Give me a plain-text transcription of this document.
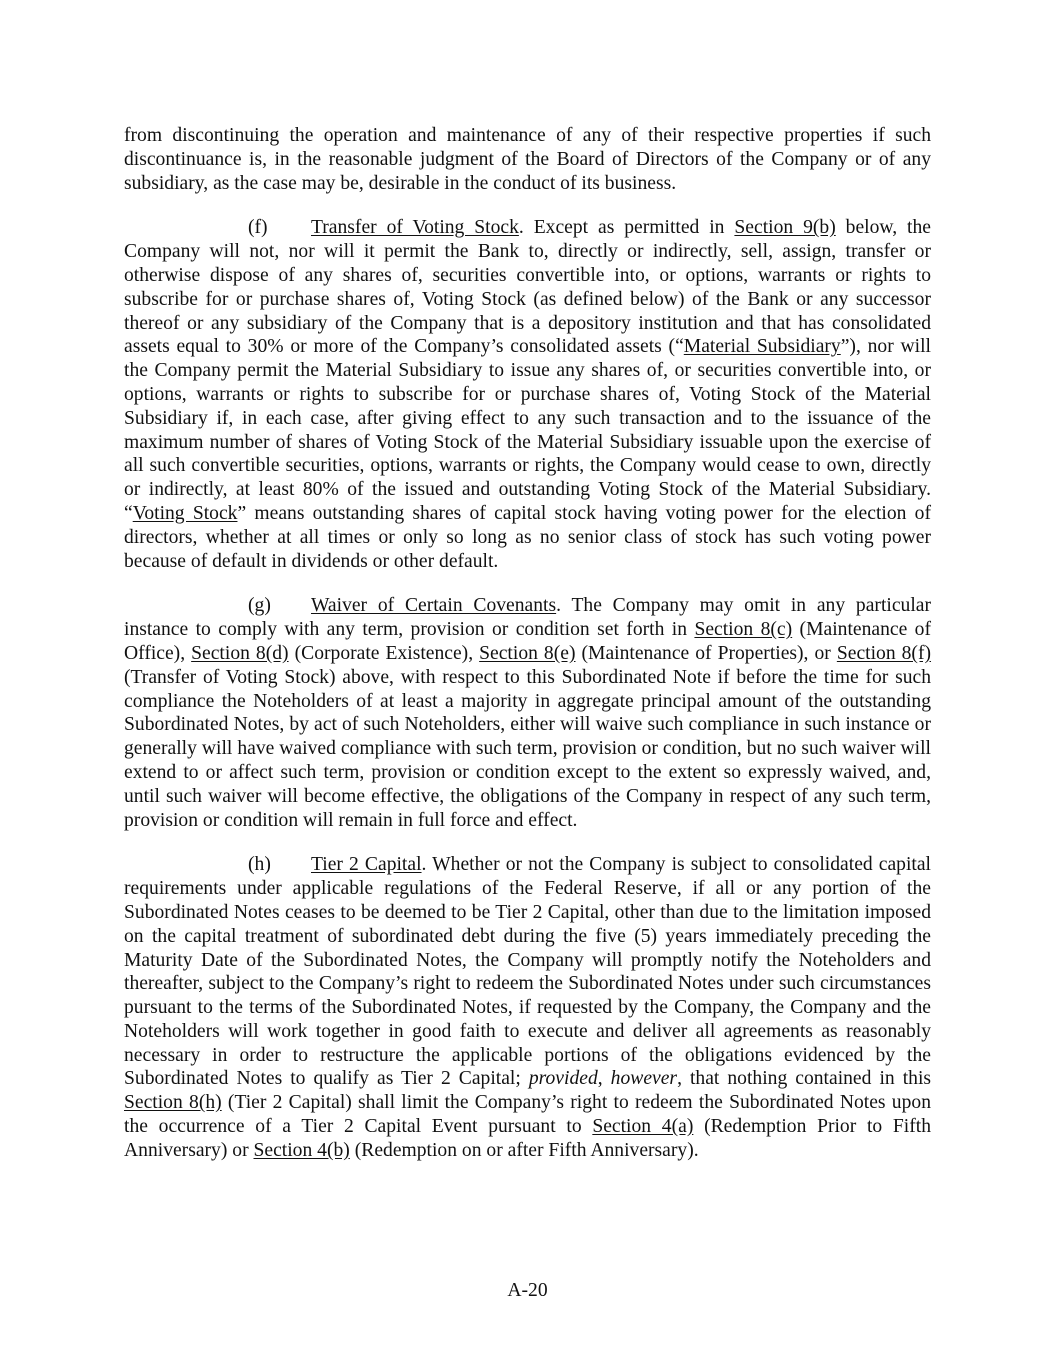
from discontinuing the operation and maintenance of any of their respective properties if such discontinuance is, in the reasonable judgment of the Board of Directors of the Company or of any subsidiary, as the case may be, desirable in the conduct of its business.

(f) Transfer of Voting Stock. Except as permitted in Section 9(b) below, the Company will not, nor will it permit the Bank to, directly or indirectly, sell, assign, transfer or otherwise dispose of any shares of, securities convertible into, or options, warrants or rights to subscribe for or purchase shares of, Voting Stock (as defined below) of the Bank or any successor thereof or any subsidiary of the Company that is a depository institution and that has consolidated assets equal to 30% or more of the Company’s consolidated assets (“Material Subsidiary”), nor will the Company permit the Material Subsidiary to issue any shares of, or securities convertible into, or options, warrants or rights to subscribe for or purchase shares of, Voting Stock of the Material Subsidiary if, in each case, after giving effect to any such transaction and to the issuance of the maximum number of shares of Voting Stock of the Material Subsidiary issuable upon the exercise of all such convertible securities, options, warrants or rights, the Company would cease to own, directly or indirectly, at least 80% of the issued and outstanding Voting Stock of the Material Subsidiary. “Voting Stock” means outstanding shares of capital stock having voting power for the election of directors, whether at all times or only so long as no senior class of stock has such voting power because of default in dividends or other default.

(g) Waiver of Certain Covenants. The Company may omit in any particular instance to comply with any term, provision or condition set forth in Section 8(c) (Maintenance of Office), Section 8(d) (Corporate Existence), Section 8(e) (Maintenance of Properties), or Section 8(f) (Transfer of Voting Stock) above, with respect to this Subordinated Note if before the time for such compliance the Noteholders of at least a majority in aggregate principal amount of the outstanding Subordinated Notes, by act of such Noteholders, either will waive such compliance in such instance or generally will have waived compliance with such term, provision or condition, but no such waiver will extend to or affect such term, provision or condition except to the extent so expressly waived, and, until such waiver will become effective, the obligations of the Company in respect of any such term, provision or condition will remain in full force and effect.

(h) Tier 2 Capital. Whether or not the Company is subject to consolidated capital requirements under applicable regulations of the Federal Reserve, if all or any portion of the Subordinated Notes ceases to be deemed to be Tier 2 Capital, other than due to the limitation imposed on the capital treatment of subordinated debt during the five (5) years immediately preceding the Maturity Date of the Subordinated Notes, the Company will promptly notify the Noteholders and thereafter, subject to the Company’s right to redeem the Subordinated Notes under such circumstances pursuant to the terms of the Subordinated Notes, if requested by the Company, the Company and the Noteholders will work together in good faith to execute and deliver all agreements as reasonably necessary in order to restructure the applicable portions of the obligations evidenced by the Subordinated Notes to qualify as Tier 2 Capital; provided, however, that nothing contained in this Section 8(h) (Tier 2 Capital) shall limit the Company’s right to redeem the Subordinated Notes upon the occurrence of a Tier 2 Capital Event pursuant to Section 4(a) (Redemption Prior to Fifth Anniversary) or Section 4(b) (Redemption on or after Fifth Anniversary).

A-20
